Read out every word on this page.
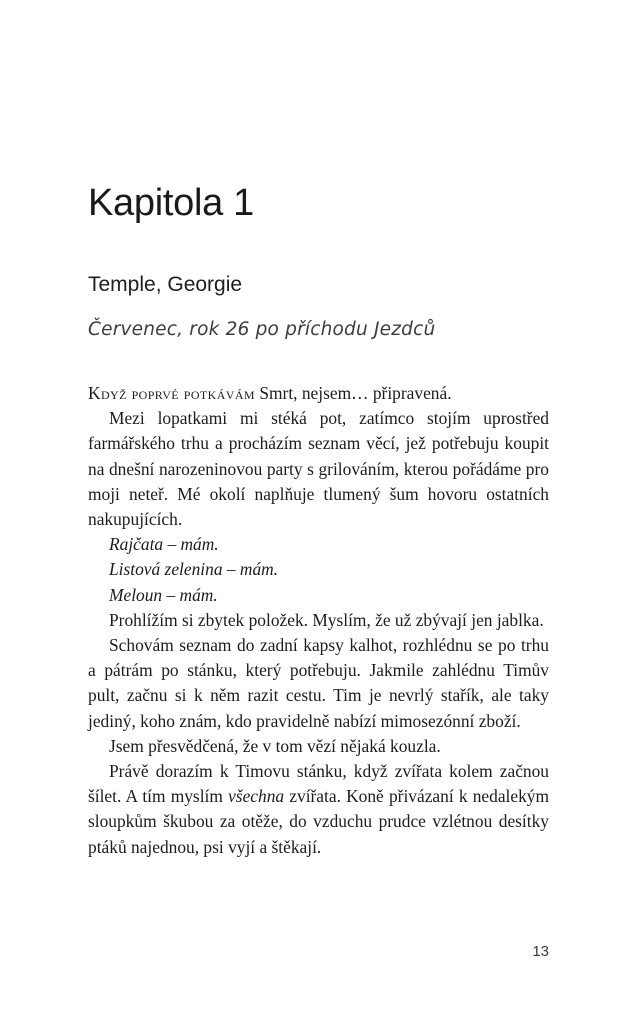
Kapitola 1
Temple, Georgie

Červenec, rok 26 po příchodu Jezdců

Když poprvé potkávám Smrt, nejsem… připravená.

Mezi lopatkami mi stéká pot, zatímco stojím uprostřed farmářského trhu a procházím seznam věcí, jež potřebuju koupit na dnešní narozeninovou party s grilováním, kterou pořádáme pro moji neteř. Mé okolí naplňuje tlumený šum hovoru ostatních nakupujících.

Rajčata – mám.

Listová zelenina – mám.

Meloun – mám.

Prohlížím si zbytek položek. Myslím, že už zbývají jen jablka.

Schovám seznam do zadní kapsy kalhot, rozhlédnu se po trhu a pátrám po stánku, který potřebuju. Jakmile zahlédnu Timův pult, začnu si k něm razit cestu. Tim je nevrlý stařík, ale taky jediný, koho znám, kdo pravidelně nabízí mimosezónní zboží.

Jsem přesvědčená, že v tom vězí nějaká kouzla.

Právě dorazím k Timovu stánku, když zvířata kolem začnou šílet. A tím myslím všechna zvířata. Koně přivázaní k nedalekým sloupkům škubou za otěže, do vzduchu prudce vzlétnou desítky ptáků najednou, psi vyjí a štěkají.

13
